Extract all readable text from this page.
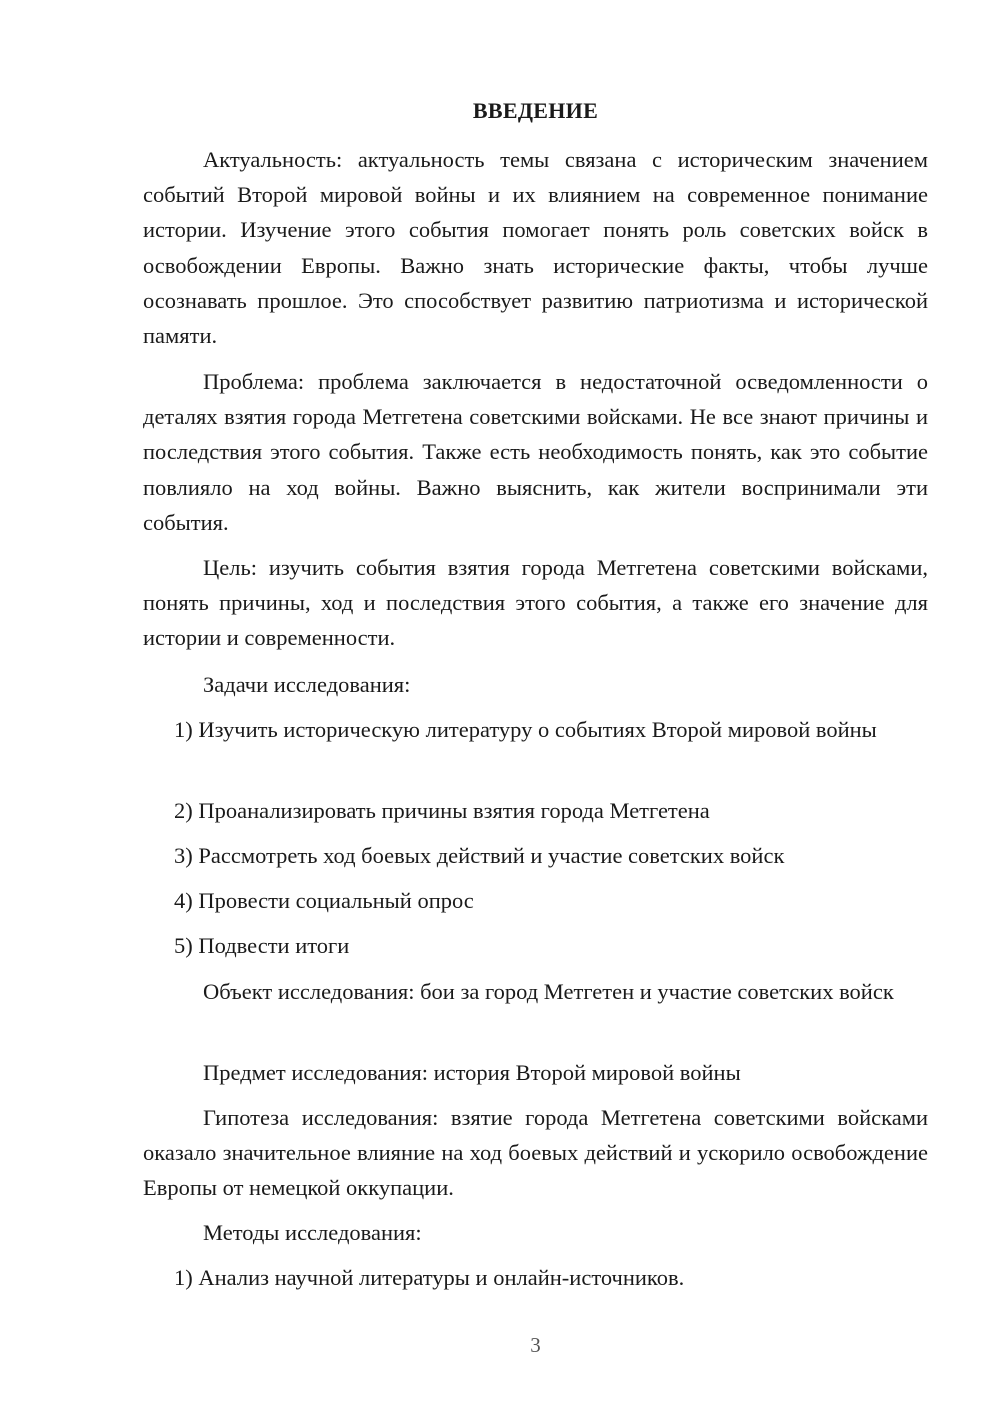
ВВЕДЕНИЕ

Актуальность: актуальность темы связана с историческим значением событий Второй мировой войны и их влиянием на современное понимание истории. Изучение этого события помогает понять роль советских войск в освобождении Европы. Важно знать исторические факты, чтобы лучше осознавать прошлое. Это способствует развитию патриотизма и исторической памяти.

Проблема: проблема заключается в недостаточной осведомленности о деталях взятия города Метгетена советскими войсками. Не все знают причины и последствия этого события. Также есть необходимость понять, как это событие повлияло на ход войны. Важно выяснить, как жители воспринимали эти события.

Цель: изучить события взятия города Метгетена советскими войсками, понять причины, ход и последствия этого события, а также его значение для истории и современности.

Задачи исследования:

1) Изучить историческую литературу о событиях Второй мировой войны

2) Проанализировать причины взятия города Метгетена

3) Рассмотреть ход боевых действий и участие советских войск

4) Провести социальный опрос

5) Подвести итоги

Объект исследования: бои за город Метгетен и участие советских войск

Предмет исследования: история Второй мировой войны

Гипотеза исследования: взятие города Метгетена советскими войсками оказало значительное влияние на ход боевых действий и ускорило освобождение Европы от немецкой оккупации.

Методы исследования:

1) Анализ научной литературы и онлайн-источников.

3
